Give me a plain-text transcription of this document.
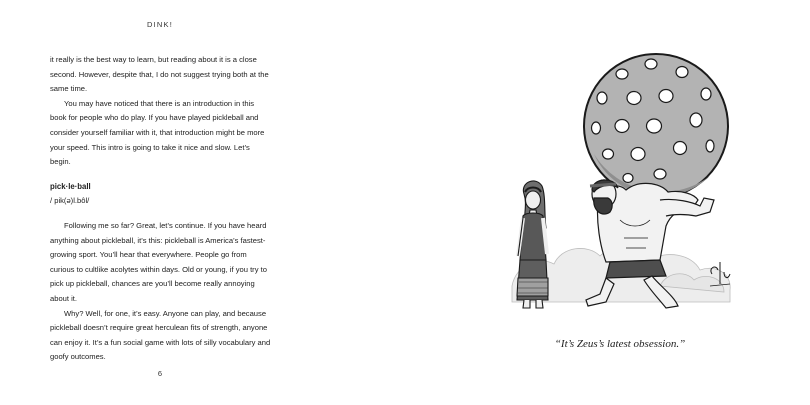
DINK!

it really is the best way to learn, but reading about it is a close second. However, despite that, I do not suggest trying both at the same time.

You may have noticed that there is an introduction in this book for people who do play. If you have played pickleball and consider yourself familiar with it, that introduction might be more your speed. This intro is going to take it nice and slow. Let’s begin.

pick·le·ball
/ pik(ə)l.bôl/

Following me so far? Great, let’s continue. If you have heard anything about pickleball, it’s this: pickleball is America’s fastest-growing sport. You’ll hear that everywhere. People go from curious to cultlike acolytes within days. Old or young, if you try to pick up pickleball, chances are you’ll become really annoying about it.

Why? Well, for one, it’s easy. Anyone can play, and because pickleball doesn’t require great herculean fits of strength, anyone can enjoy it. It’s a fun social game with lots of silly vocabulary and goofy outcomes.

6
“It’s Zeus’s latest obsession.”
